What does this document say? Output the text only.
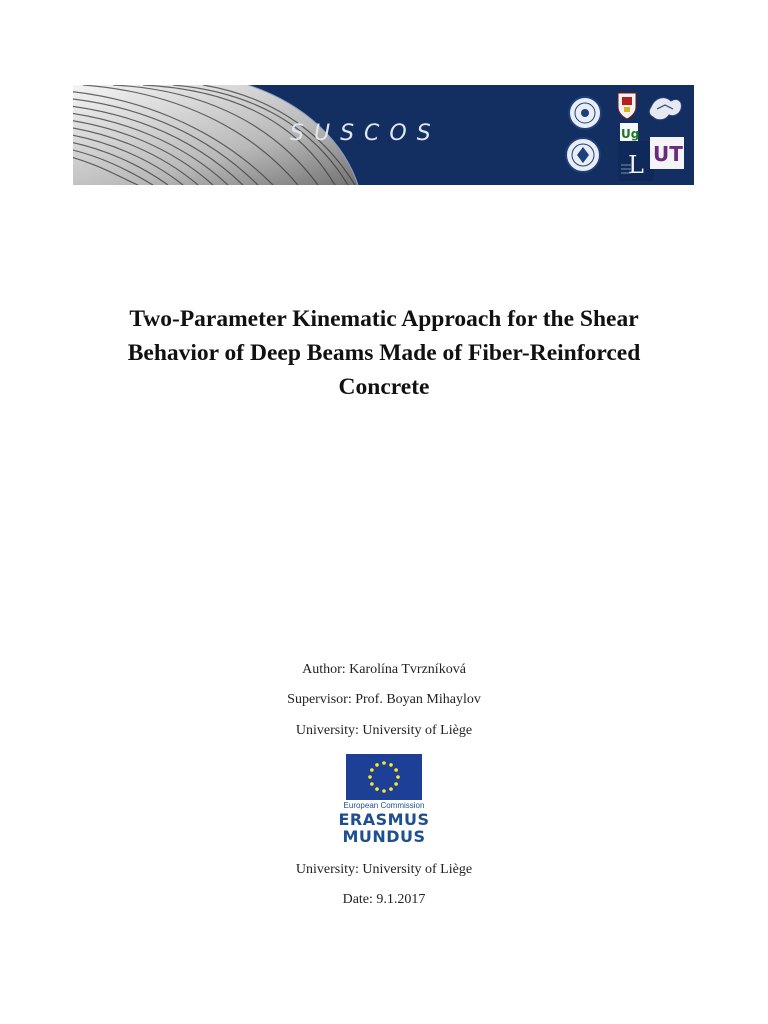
Ug
L UT
SUSCOS
Two-Parameter Kinematic Approach for the Shear
Behavior of Deep Beams Made of Fiber-Reinforced
Concrete
Author: Karolína Tvrzníková
Supervisor: Prof. Boyan Mihaylov
University: University of Liège
European Commission
ERASMUS
MUNDUS
University: University of Liège
Date: 9.1.2017
